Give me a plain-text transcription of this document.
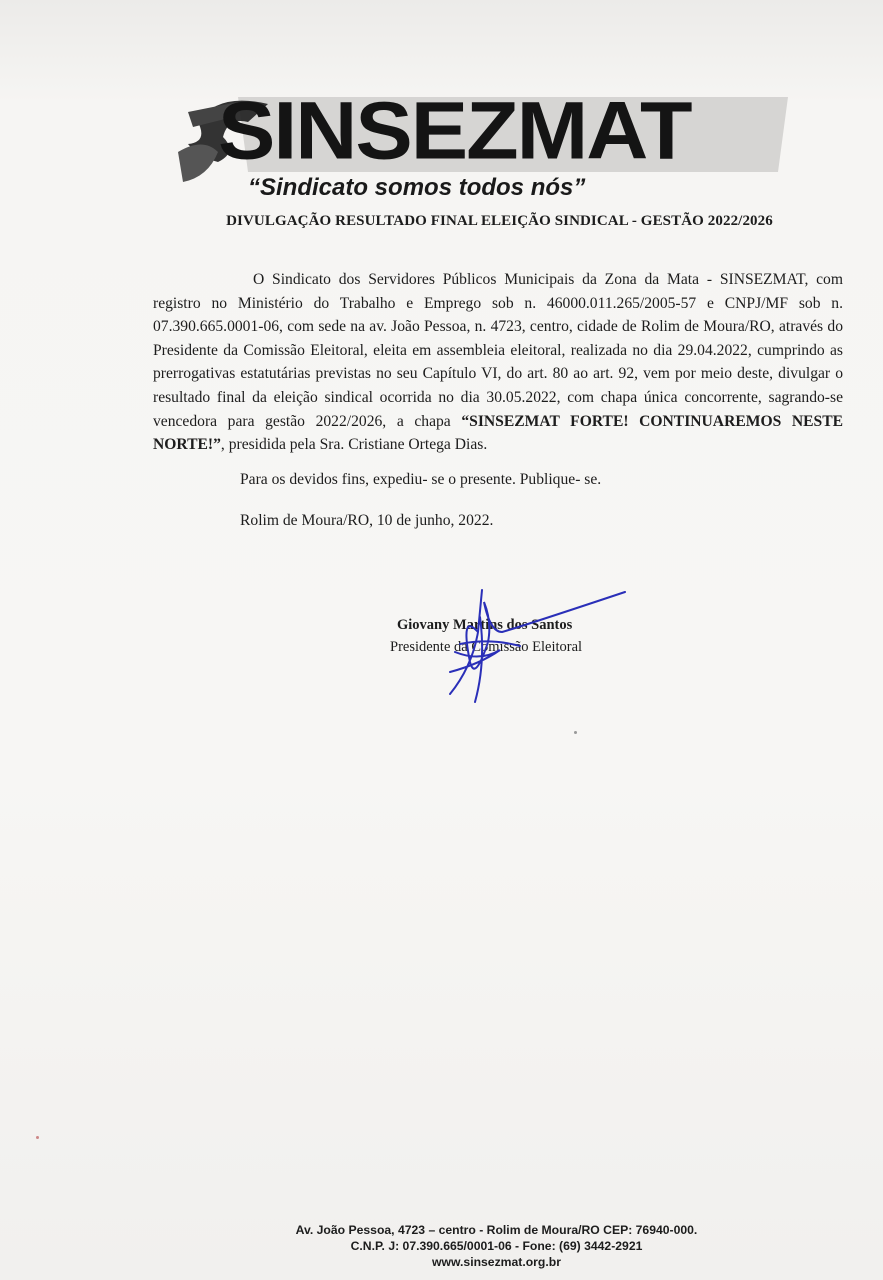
SINSEZMAT
“Sindicato somos todos nós”
DIVULGAÇÃO RESULTADO FINAL ELEIÇÃO SINDICAL - GESTÃO 2022/2026

O Sindicato dos Servidores Públicos Municipais da Zona da Mata - SINSEZMAT, com registro no Ministério do Trabalho e Emprego sob n. 46000.011.265/2005-57 e CNPJ/MF sob n. 07.390.665.0001-06, com sede na av. João Pessoa, n. 4723, centro, cidade de Rolim de Moura/RO, através do Presidente da Comissão Eleitoral, eleita em assembleia eleitoral, realizada no dia 29.04.2022, cumprindo as prerrogativas estatutárias previstas no seu Capítulo VI, do art. 80 ao art. 92, vem por meio deste, divulgar o resultado final da eleição sindical ocorrida no dia 30.05.2022, com chapa única concorrente, sagrando-se vencedora para gestão 2022/2026, a chapa “SINSEZMAT FORTE! CONTINUAREMOS NESTE NORTE!”, presidida pela Sra. Cristiane Ortega Dias.

Para os devidos fins, expediu- se o presente. Publique- se.
Rolim de Moura/RO, 10 de junho, 2022.
Giovany Martins dos Santos
Presidente da Comissão Eleitoral
Av. João Pessoa, 4723 – centro - Rolim de Moura/RO CEP: 76940-000.
C.N.P. J: 07.390.665/0001-06 - Fone: (69) 3442-2921
www.sinsezmat.org.br
